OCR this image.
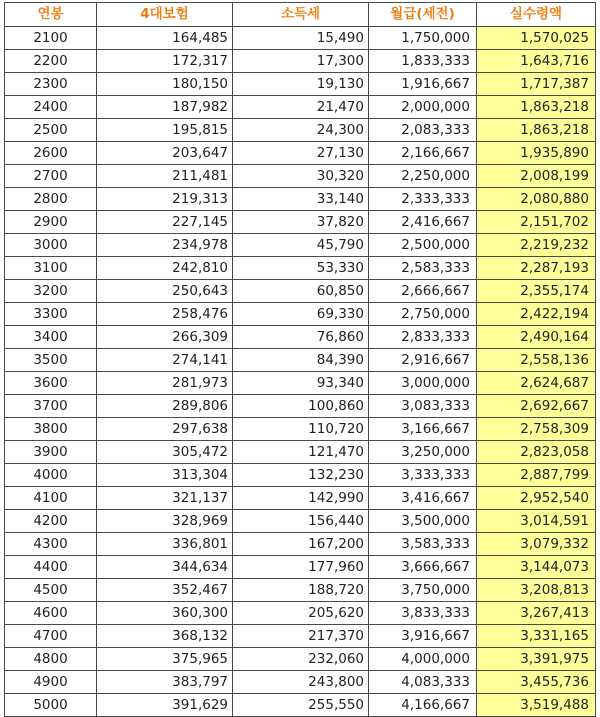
연봉	4대보험	소득세	월급(세전)	실수령액
2100	164,485	15,490	1,750,000	1,570,025
2200	172,317	17,300	1,833,333	1,643,716
2300	180,150	19,130	1,916,667	1,717,387
2400	187,982	21,470	2,000,000	1,863,218
2500	195,815	24,300	2,083,333	1,863,218
2600	203,647	27,130	2,166,667	1,935,890
2700	211,481	30,320	2,250,000	2,008,199
2800	219,313	33,140	2,333,333	2,080,880
2900	227,145	37,820	2,416,667	2,151,702
3000	234,978	45,790	2,500,000	2,219,232
3100	242,810	53,330	2,583,333	2,287,193
3200	250,643	60,850	2,666,667	2,355,174
3300	258,476	69,330	2,750,000	2,422,194
3400	266,309	76,860	2,833,333	2,490,164
3500	274,141	84,390	2,916,667	2,558,136
3600	281,973	93,340	3,000,000	2,624,687
3700	289,806	100,860	3,083,333	2,692,667
3800	297,638	110,720	3,166,667	2,758,309
3900	305,472	121,470	3,250,000	2,823,058
4000	313,304	132,230	3,333,333	2,887,799
4100	321,137	142,990	3,416,667	2,952,540
4200	328,969	156,440	3,500,000	3,014,591
4300	336,801	167,200	3,583,333	3,079,332
4400	344,634	177,960	3,666,667	3,144,073
4500	352,467	188,720	3,750,000	3,208,813
4600	360,300	205,620	3,833,333	3,267,413
4700	368,132	217,370	3,916,667	3,331,165
4800	375,965	232,060	4,000,000	3,391,975
4900	383,797	243,800	4,083,333	3,455,736
5000	391,629	255,550	4,166,667	3,519,488
